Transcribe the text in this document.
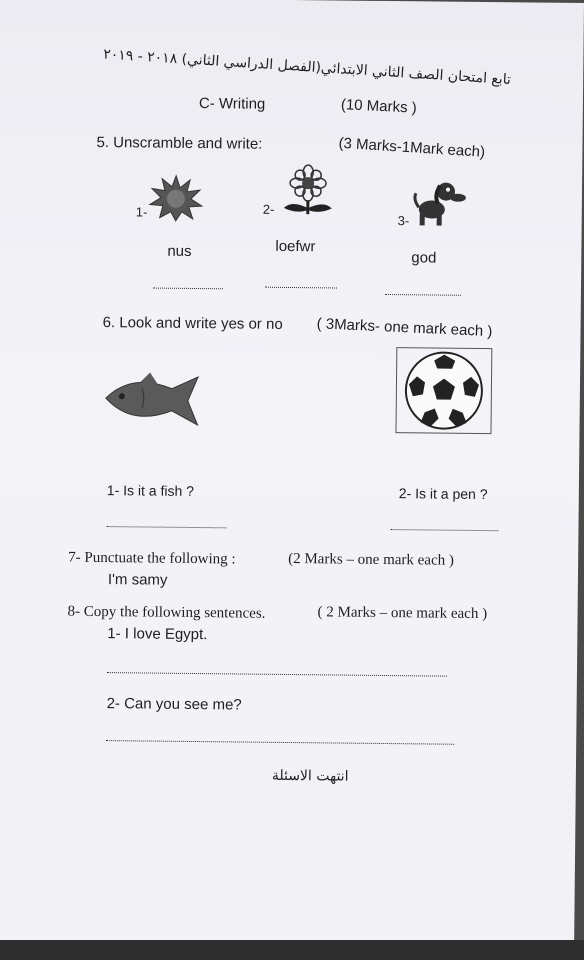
تابع امتحان الصف الثاني الابتدائي(الفصل الدراسي الثاني) ٢٠١٨ - ٢٠١٩
C- Writing	(10 Marks )
5. Unscramble and write:	(3 Marks-1Mark each)
1-
nus
2-
loefwr
3-
god
6. Look and write yes or no ( 3Marks- one mark each )
1- Is it a fish ?	2- Is it a pen ?
7- Punctuate the following :	(2 Marks – one mark each )
I'm samy
8- Copy the following sentences.	( 2 Marks – one mark each )
1- I love Egypt.
2- Can you see me?
انتهت الاسئلة
